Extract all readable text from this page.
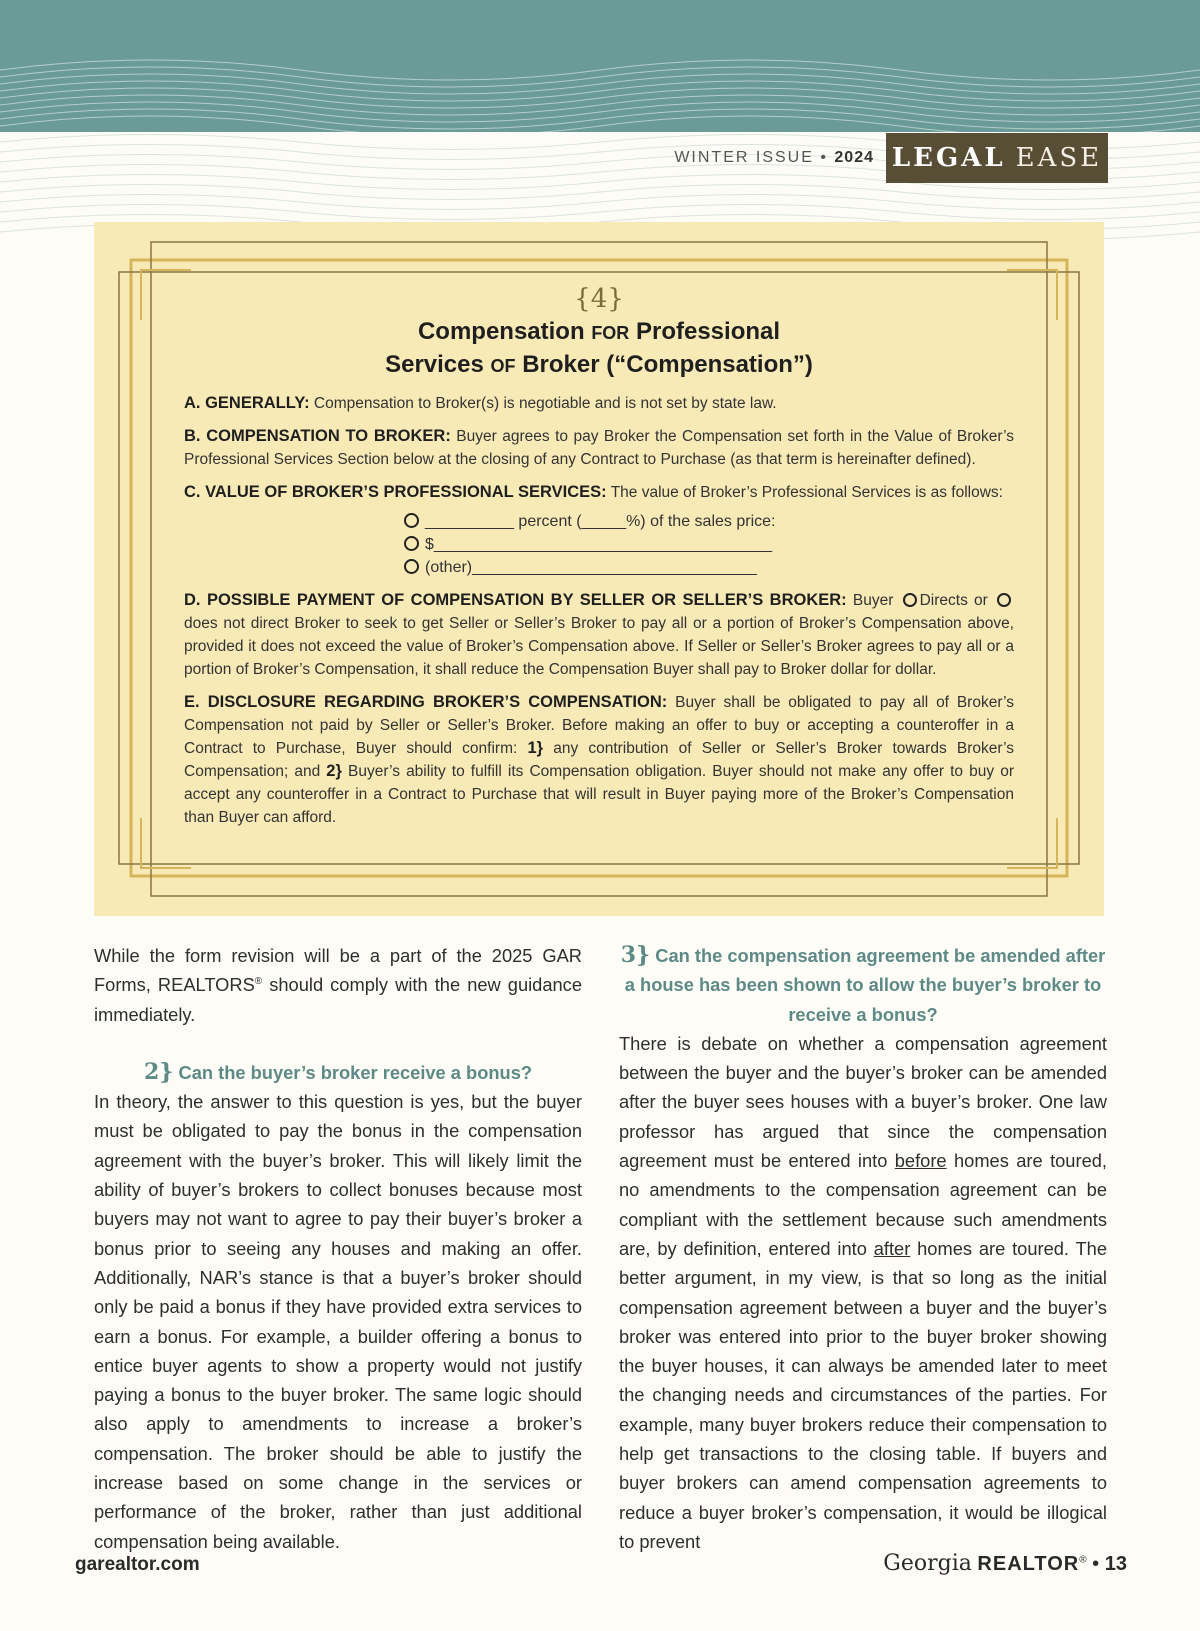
WINTER ISSUE • 2024 LEGAL EASE
{4}
Compensation FOR Professional
Services OF Broker (“Compensation”)
A. GENERALLY: Compensation to Broker(s) is negotiable and is not set by state law.
B. COMPENSATION TO BROKER: Buyer agrees to pay Broker the Compensation set forth in the Value of Broker’s Professional Services Section below at the closing of any Contract to Purchase (as that term is hereinafter defined).
C. VALUE OF BROKER’S PROFESSIONAL SERVICES: The value of Broker’s Professional Services is as follows:
__________ percent (_____%) of the sales price:
$______________________________________
(other)________________________________
D. POSSIBLE PAYMENT OF COMPENSATION BY SELLER OR SELLER’S BROKER: Buyer Directs or does not direct Broker to seek to get Seller or Seller’s Broker to pay all or a portion of Broker’s Compensation above, provided it does not exceed the value of Broker’s Compensation above. If Seller or Seller’s Broker agrees to pay all or a portion of Broker’s Compensation, it shall reduce the Compensation Buyer shall pay to Broker dollar for dollar.
E. DISCLOSURE REGARDING BROKER’S COMPENSATION: Buyer shall be obligated to pay all of Broker’s Compensation not paid by Seller or Seller’s Broker. Before making an offer to buy or accepting a counteroffer in a Contract to Purchase, Buyer should confirm: 1} any contribution of Seller or Seller’s Broker towards Broker’s Compensation; and 2} Buyer’s ability to fulfill its Compensation obligation. Buyer should not make any offer to buy or accept any counteroffer in a Contract to Purchase that will result in Buyer paying more of the Broker’s Compensation than Buyer can afford.

While the form revision will be a part of the 2025 GAR Forms, REALTORS® should comply with the new guidance immediately.

2} Can the buyer’s broker receive a bonus?

In theory, the answer to this question is yes, but the buyer must be obligated to pay the bonus in the compensation agreement with the buyer’s broker. This will likely limit the ability of buyer’s brokers to collect bonuses because most buyers may not want to agree to pay their buyer’s broker a bonus prior to seeing any houses and making an offer. Additionally, NAR’s stance is that a buyer’s broker should only be paid a bonus if they have provided extra services to earn a bonus. For example, a builder offering a bonus to entice buyer agents to show a property would not justify paying a bonus to the buyer broker. The same logic should also apply to amendments to increase a broker’s compensation. The broker should be able to justify the increase based on some change in the services or performance of the broker, rather than just additional compensation being available.

3} Can the compensation agreement be amended after a house has been shown to allow the buyer’s broker to receive a bonus?

There is debate on whether a compensation agreement between the buyer and the buyer’s broker can be amended after the buyer sees houses with a buyer’s broker. One law professor has argued that since the compensation agreement must be entered into before homes are toured, no amendments to the compensation agreement can be compliant with the settlement because such amendments are, by definition, entered into after homes are toured. The better argument, in my view, is that so long as the initial compensation agreement between a buyer and the buyer’s broker was entered into prior to the buyer broker showing the buyer houses, it can always be amended later to meet the changing needs and circumstances of the parties. For example, many buyer brokers reduce their compensation to help get transactions to the closing table. If buyers and buyer brokers can amend compensation agreements to reduce a buyer broker’s compensation, it would be illogical to prevent

garealtor.com	Georgia REALTOR® • 13
